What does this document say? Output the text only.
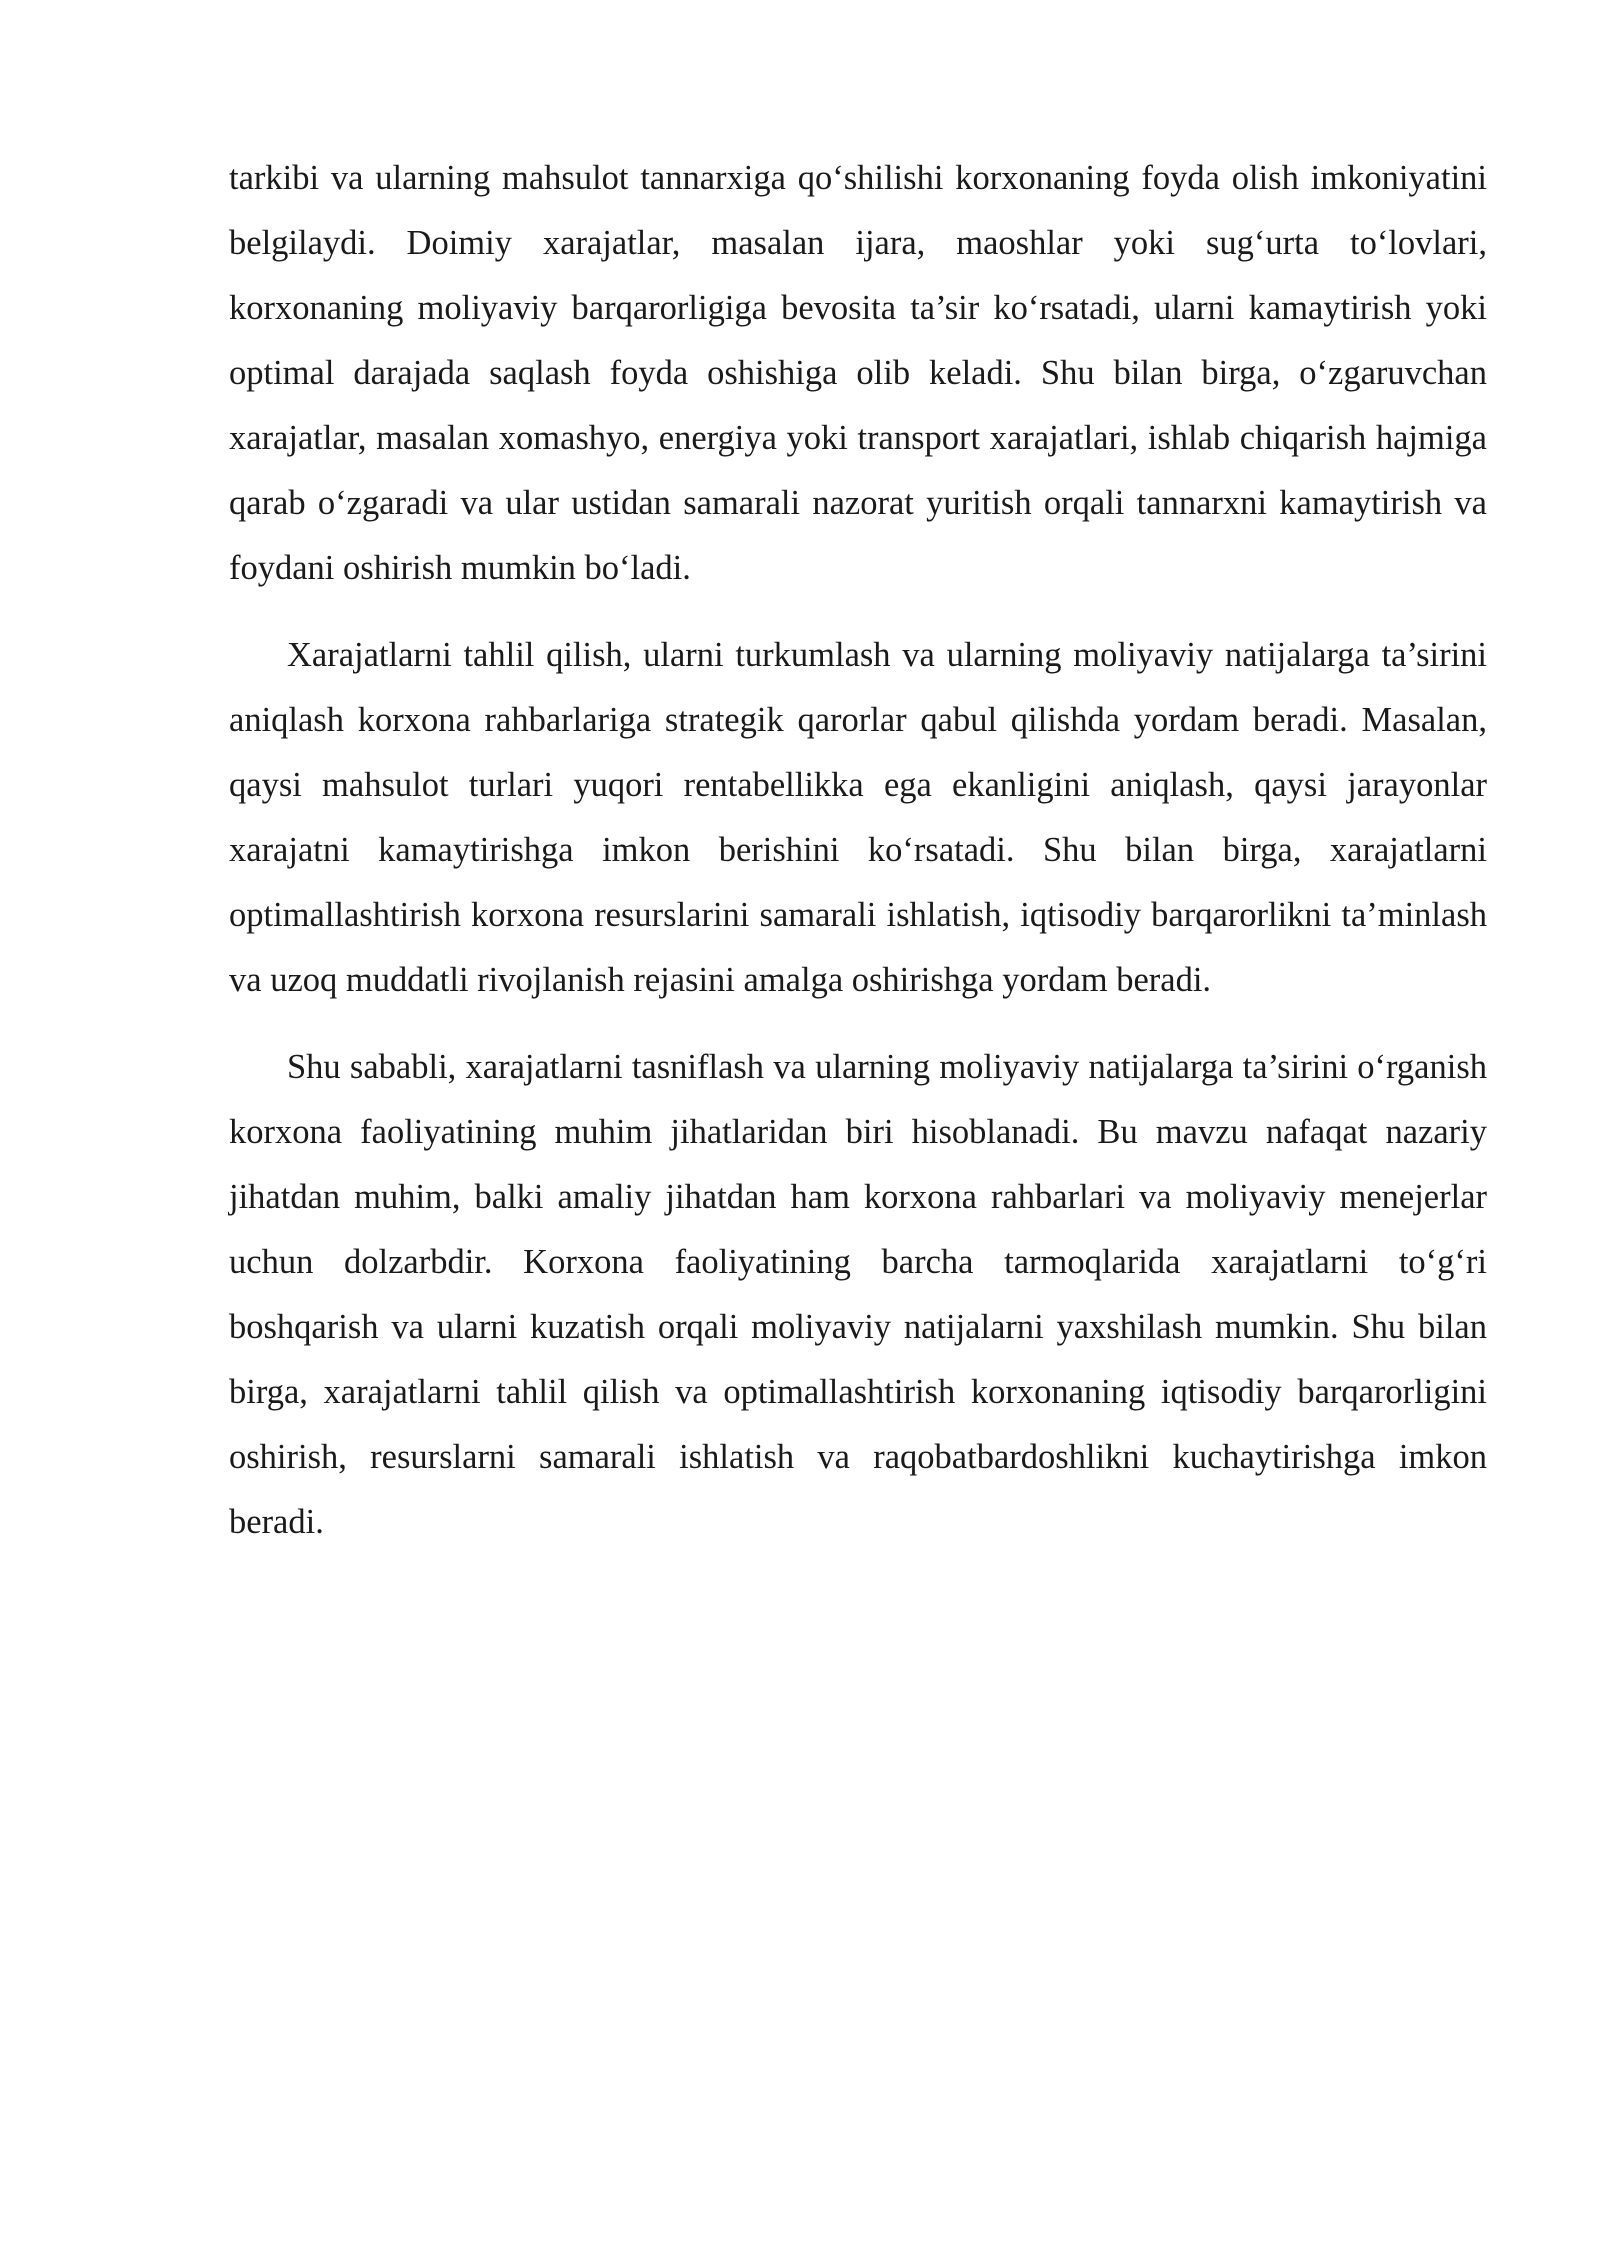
tarkibi va ularning mahsulot tannarxiga qo‘shilishi korxonaning foyda olish imkoniyatini belgilaydi. Doimiy xarajatlar, masalan ijara, maoshlar yoki sug‘urta to‘lovlari, korxonaning moliyaviy barqarorligiga bevosita ta’sir ko‘rsatadi, ularni kamaytirish yoki optimal darajada saqlash foyda oshishiga olib keladi. Shu bilan birga, o‘zgaruvchan xarajatlar, masalan xomashyo, energiya yoki transport xarajatlari, ishlab chiqarish hajmiga qarab o‘zgaradi va ular ustidan samarali nazorat yuritish orqali tannarxni kamaytirish va foydani oshirish mumkin bo‘ladi.

Xarajatlarni tahlil qilish, ularni turkumlash va ularning moliyaviy natijalarga ta’sirini aniqlash korxona rahbarlariga strategik qarorlar qabul qilishda yordam beradi. Masalan, qaysi mahsulot turlari yuqori rentabellikka ega ekanligini aniqlash, qaysi jarayonlar xarajatni kamaytirishga imkon berishini ko‘rsatadi. Shu bilan birga, xarajatlarni optimallashtirish korxona resurslarini samarali ishlatish, iqtisodiy barqarorlikni ta’minlash va uzoq muddatli rivojlanish rejasini amalga oshirishga yordam beradi.

Shu sababli, xarajatlarni tasniflash va ularning moliyaviy natijalarga ta’sirini o‘rganish korxona faoliyatining muhim jihatlaridan biri hisoblanadi. Bu mavzu nafaqat nazariy jihatdan muhim, balki amaliy jihatdan ham korxona rahbarlari va moliyaviy menejerlar uchun dolzarbdir. Korxona faoliyatining barcha tarmoqlarida xarajatlarni to‘g‘ri boshqarish va ularni kuzatish orqali moliyaviy natijalarni yaxshilash mumkin. Shu bilan birga, xarajatlarni tahlil qilish va optimallashtirish korxonaning iqtisodiy barqarorligini oshirish, resurslarni samarali ishlatish va raqobatbardoshlikni kuchaytirishga imkon beradi.
